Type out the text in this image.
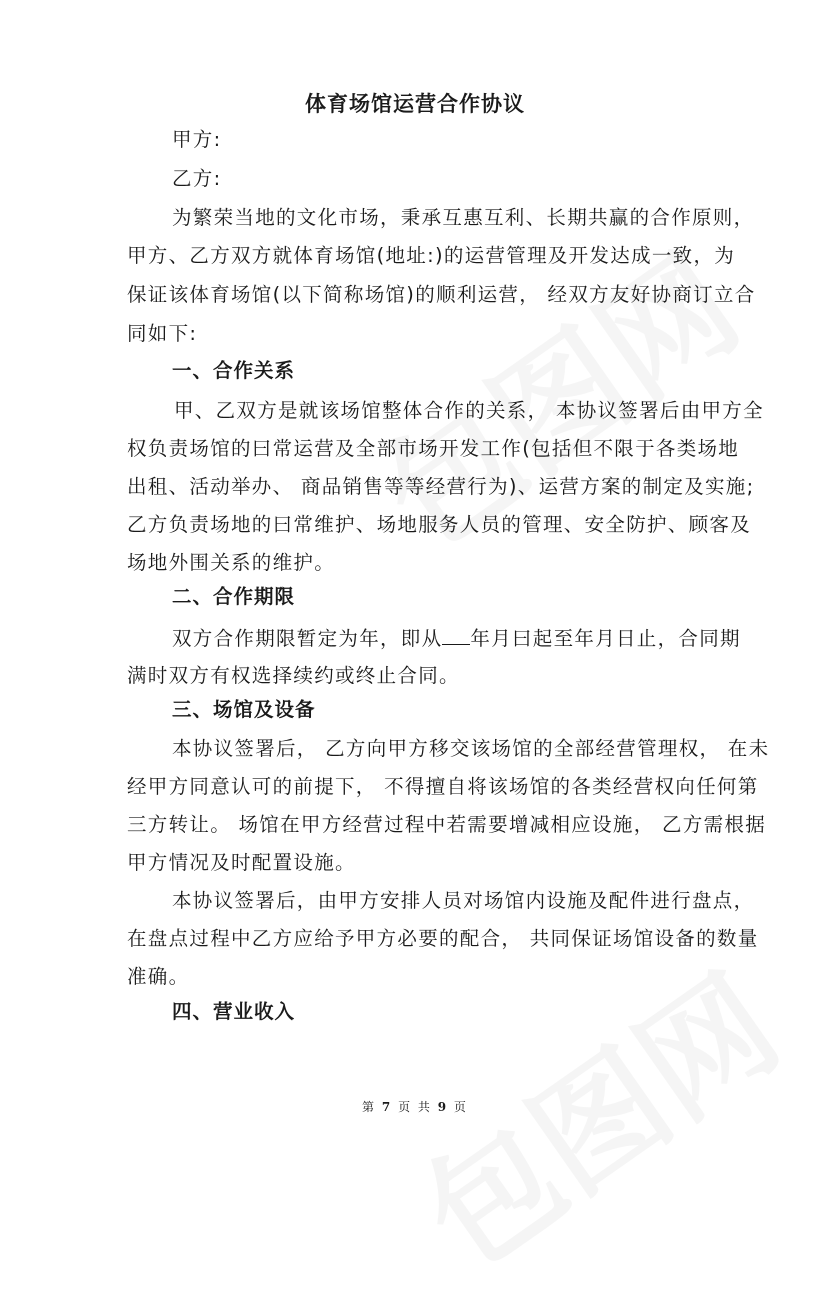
体育场馆运营合作协议
甲方:
乙方:
为繁荣当地的文化市场，秉承互惠互利、长期共赢的合作原则，
甲方、乙方双方就体育场馆(地址:)的运营管理及开发达成一致，为
保证该体育场馆(以下简称场馆)的顺利运营， 经双方友好协商订立合
同如下:
一、合作关系
甲、乙双方是就该场馆整体合作的关系， 本协议签署后由甲方全
权负责场馆的曰常运营及全部市场开发工作(包括但不限于各类场地
出租、活动举办、 商品销售等等经营行为)、运营方案的制定及实施;
乙方负责场地的曰常维护、场地服务人员的管理、安全防护、顾客及
场地外围关系的维护。
二、合作期限
双方合作期限暂定为年，即从 年月曰起至年月日止，合同期
满时双方有权选择续约或终止合同。
三、场馆及设备
本协议签署后， 乙方向甲方移交该场馆的全部经营管理权， 在未
经甲方同意认可的前提下， 不得擅自将该场馆的各类经营权向任何第
三方转让。 场馆在甲方经营过程中若需要增减相应设施， 乙方需根据
甲方情况及时配置设施。
本协议签署后，由甲方安排人员对场馆内设施及配件进行盘点，
在盘点过程中乙方应给予甲方必要的配合， 共同保证场馆设备的数量
准确。
四、营业收入
第 7 页 共 9 页
